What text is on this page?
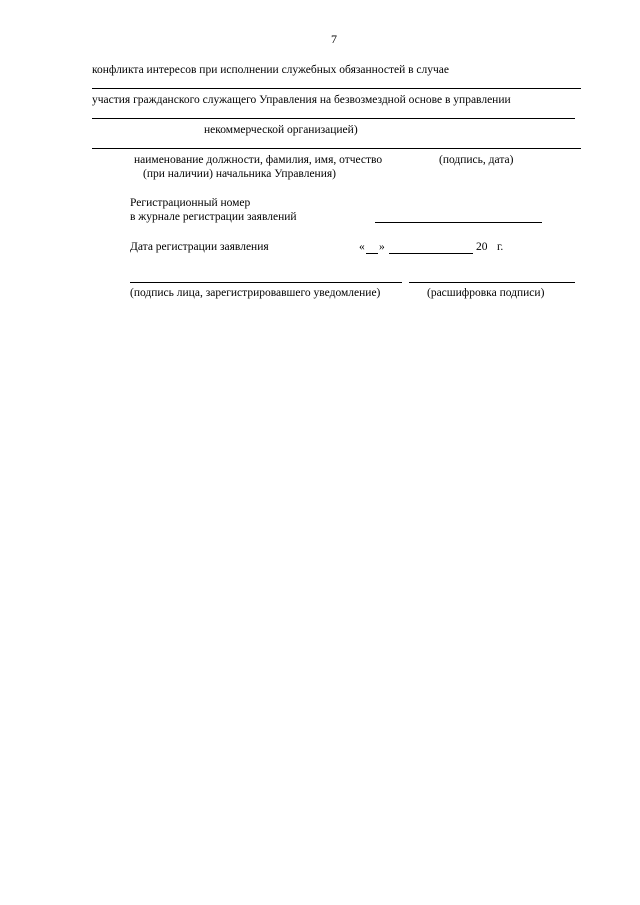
7
конфликта интересов при исполнении служебных обязанностей в случае
участия гражданского служащего Управления на безвозмездной основе в управлении
некоммерческой организацией)
наименование должности, фамилия, имя, отчество
(при наличии) начальника Управления)
(подпись, дата)
Регистрационный номер
в журнале регистрации заявлений
Дата регистрации заявления	« »	20 г.
(подпись лица, зарегистрировавшего уведомление)	(расшифровка подписи)
